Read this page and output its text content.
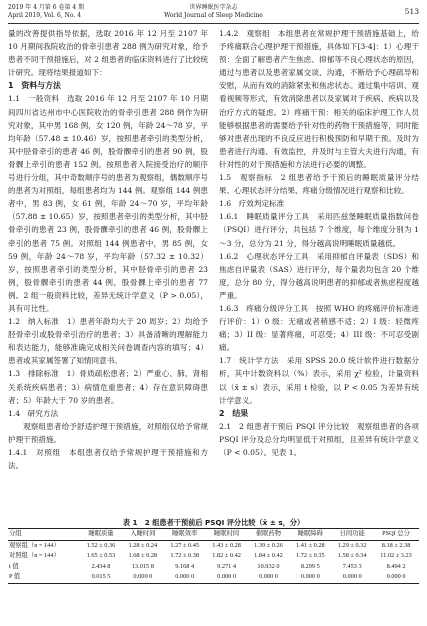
2019 年 4 月第 6 卷第 4 期
April 2019, Vol. 6, No. 4
世界睡眠医学杂志
World Journal of Sleep Medicine	513

量的改善提供指导依据，选取 2016 年 12 月至 2107 年 10 月期间我院收治的骨牵引患者 288 例为研究对象，给予患者不同干预措施后，对 2 组患者的临床资料进行了比较统计研究。现将结果报道如下：

1　资料与方法
1.1　一般资料　选取 2016 年 12 月至 2107 年 10 月期间四川省达州市中心医院收治的骨牵引患者 288 例作为研究对象，其中男 168 例，女 120 例，年龄 24～78 岁，平均年龄（57.48 ± 10.46）岁，按照患者牵引的类型分析，其中胫骨牵引的患者 46 例，股骨髁牵引的患者 90 例，股骨髁上牵引的患者 152 例。按照患者入院接受治疗的顺序号进行分组，其中奇数顺序号的患者为观察组，偶数顺序号的患者为对照组，每组患者均为 144 例。观察组 144 例患者中，男 83 例，女 61 例，年龄 24～70 岁，平均年龄（57.88 ± 10.65）岁，按照患者牵引的类型分析，其中胫骨牵引的患者 23 例，股骨髁牵引的患者 46 例，股骨髁上牵引的患者 75 例。对照组 144 例患者中，男 85 例，女 59 例，年龄 24～78 岁，平均年龄（57.32 ± 10.32）岁，按照患者牵引的类型分析，其中胫骨牵引的患者 23 例，股骨髁牵引的患者 44 例，股骨髁上牵引的患者 77 例。2 组一般资料比较，差异无统计学意义（P > 0.05），具有可比性。
1.2　纳入标准　1）患者年龄均大于 20 周岁；2）均给予胫骨牵引或股骨牵引治疗的患者；3）具备清晰的理解能力和表达能力，能够准确完成相关问卷调查内容的填写；4）患者或其家属签署了知情同意书。
1.3　排除标准　1）骨质疏松患者；2）严重心、肺、肾相关系统疾病患者；3）病情危重患者；4）存在意识障碍患者；5）年龄大于 70 岁的患者。
1.4　研究方法

观察组患者给予舒适护理干预措施，对照组仅给予常规护理干预措施。

1.4.1　对照组　本组患者仅给予常规护理干预措施和方法。
1.4.2　观察组　本组患者在常规护理干预措施基础上，给予疼痛联合心理护理干预措施，具体如下[3-4]：1）心理干预：全面了解患者产生焦虑、抑郁等不良心理状态的原因，通过与患者以及患者家属交谈、沟通，不断给予心理疏导和安慰，从而有效的消除紧张和焦虑状态。通过集中培训、观看视频等形式，有效消除患者以及家属对于疾病、疾病以及治疗方式的疑虑。2）疼痛干预：相关的临床护理工作人员能够根据患者的需要给予针对性的药物干预措施等，同时能够对患者出现的不良反应进行积极预防和早期干预。及时为患者进行沟通、有效监控，并及时与主管大夫进行沟通，有针对性的对于预措施和方法进行必要的调整。
1.5　观察指标　2 组患者给予干预后的睡眠质量评分结果、心理状态评分结果、疼痛分级情况进行观察和比较。
1.6　疗效判定标准
1.6.1　睡眠质量评分工具　采用匹兹堡睡眠质量指数问卷（PSQI）进行评分，共包括 7 个维度，每个维度分别为 1～3 分，总分为 21 分，得分越高说明睡眠质量越低。
1.6.2　心理状态评分工具　采用抑郁自评量表（SDS）和焦虑自评量表（SAS）进行评分，每个量表均包含 20 个维度，总分 80 分，得分越高说明患者的抑郁或者焦虑程度越严重。
1.6.3　疼痛分级评分工具　按照 WHO 的疼痛评价标准进行评价：1）0 级：无痛或者稍感不适；2）I 级：轻微疼痛；3）II 级：显著疼痛，可忍受；4）III 级：不可忍受剧痛。
1.7　统计学方法　采用 SPSS 20.0 统计软件进行数据分析，其中计数资料以（%）表示，采用 χ² 检验，计量资料以（x̄ ± s）表示，采用 t 检验，以 P < 0.05 为差异有统计学意义。
2　结果
2.1　2 组患者干预后 PSQI 评分比较　观察组患者的各项 PSQI 评分及总分均明显低于对照组，且差异有统计学意义（P < 0.05）。见表 1。
表 1　2 组患者干预前后 PSQI 评分比较（x̄ ± s，分）
分组	睡眠质量	入睡时间	睡眠效率	睡眠时间	催眠药物	睡眠障碍	日间功能	PSQI 总分
观察组（n = 144）	1.52 ± 0.36	1.28 ± 0.24	1.27 ± 0.45	1.43 ± 0.28	1.39 ± 0.26	1.41 ± 0.28	1.29 ± 0.32	8.18 ± 2.38
对照组（n = 144）	1.65 ± 0.53	1.68 ± 0.28	1.72 ± 0.38	1.82 ± 0.42	1.84 ± 0.42	1.72 ± 0.35	1.58 ± 0.34	11.02 ± 3.23
t 值	2.434 8	13.015 8	9.168 4	9.271 4	10.932 0	8.299 5	7.453 3	8.494 2
P 值	0.015 5	0.000 0	0.000 0	0.000 0	0.000 0	0.000 0	0.000 0	0.000 0
